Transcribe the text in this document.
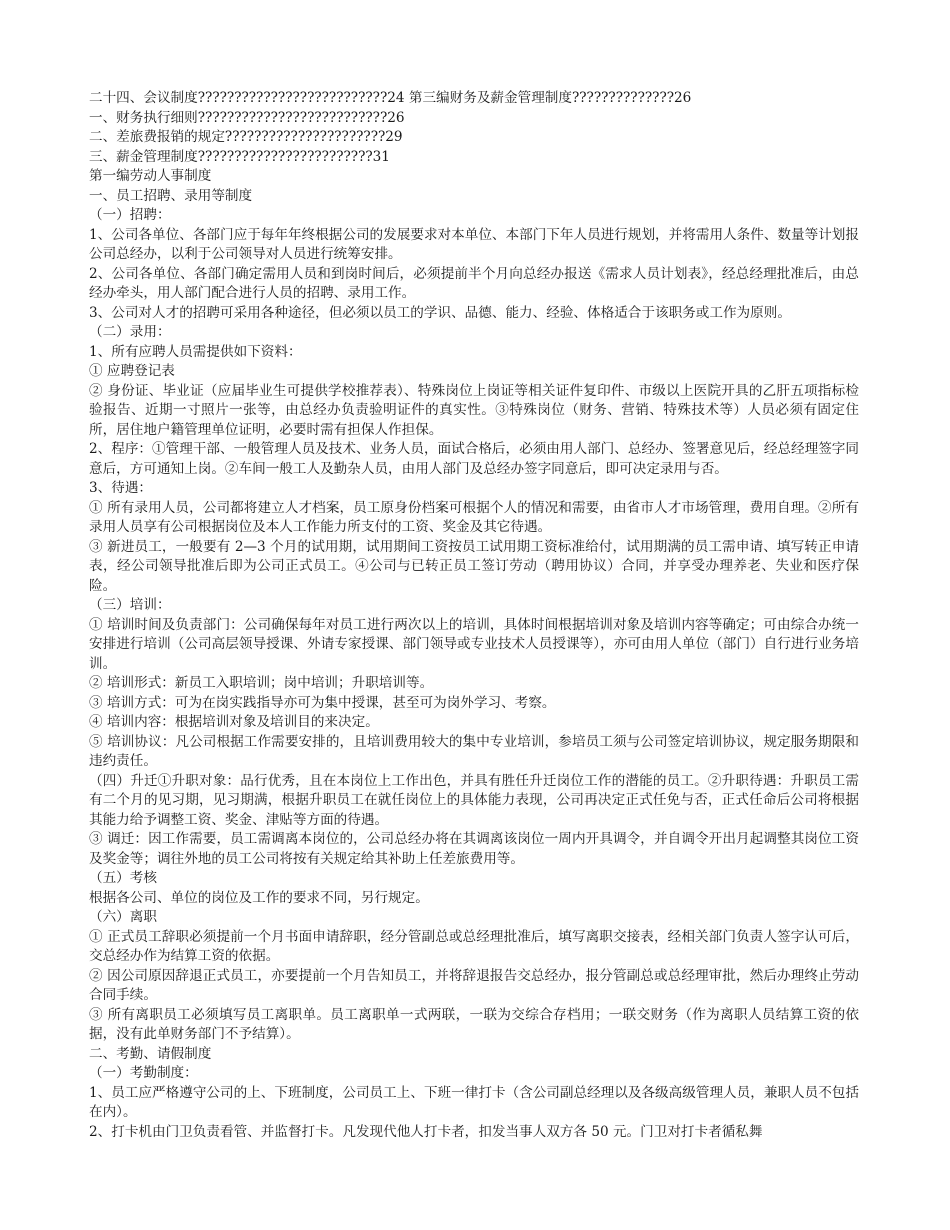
二十四、会议制度??????????????????????????24 第三编财务及薪金管理制度??????????????26

一、财务执行细则??????????????????????????26

二、差旅费报销的规定??????????????????????29

三、薪金管理制度????????????????????????31

第一编劳动人事制度

一、员工招聘、录用等制度

（一）招聘：

1、公司各单位、各部门应于每年年终根据公司的发展要求对本单位、本部门下年人员进行规划，并将需用人条件、数量等计划报公司总经办，以利于公司领导对人员进行统筹安排。

2、公司各单位、各部门确定需用人员和到岗时间后，必须提前半个月向总经办报送《需求人员计划表》，经总经理批准后，由总经办牵头，用人部门配合进行人员的招聘、录用工作。

3、公司对人才的招聘可采用各种途径，但必须以员工的学识、品德、能力、经验、体格适合于该职务或工作为原则。

（二）录用：

1、所有应聘人员需提供如下资料：

① 应聘登记表

② 身份证、毕业证（应届毕业生可提供学校推荐表）、特殊岗位上岗证等相关证件复印件、市级以上医院开具的乙肝五项指标检验报告、近期一寸照片一张等，由总经办负责验明证件的真实性。③特殊岗位（财务、营销、特殊技术等）人员必须有固定住所，居住地户籍管理单位证明，必要时需有担保人作担保。

2、程序：①管理干部、一般管理人员及技术、业务人员，面试合格后，必须由用人部门、总经办、签署意见后，经总经理签字同意后，方可通知上岗。②车间一般工人及勤杂人员，由用人部门及总经办签字同意后，即可决定录用与否。

3、待遇：

① 所有录用人员，公司都将建立人才档案，员工原身份档案可根据个人的情况和需要，由省市人才市场管理，费用自理。②所有录用人员享有公司根据岗位及本人工作能力所支付的工资、奖金及其它待遇。

③ 新进员工，一般要有 2—3 个月的试用期，试用期间工资按员工试用期工资标准给付，试用期满的员工需申请、填写转正申请表，经公司领导批准后即为公司正式员工。④公司与已转正员工签订劳动（聘用协议）合同，并享受办理养老、失业和医疗保险。

（三）培训：

① 培训时间及负责部门：公司确保每年对员工进行两次以上的培训，具体时间根据培训对象及培训内容等确定；可由综合办统一安排进行培训（公司高层领导授课、外请专家授课、部门领导或专业技术人员授课等），亦可由用人单位（部门）自行进行业务培训。

② 培训形式：新员工入职培训；岗中培训；升职培训等。

③ 培训方式：可为在岗实践指导亦可为集中授课，甚至可为岗外学习、考察。

④ 培训内容：根据培训对象及培训目的来决定。

⑤ 培训协议：凡公司根据工作需要安排的，且培训费用较大的集中专业培训，参培员工须与公司签定培训协议，规定服务期限和违约责任。

（四）升迁①升职对象：品行优秀，且在本岗位上工作出色，并具有胜任升迁岗位工作的潜能的员工。②升职待遇：升职员工需有二个月的见习期，见习期满，根据升职员工在就任岗位上的具体能力表现，公司再决定正式任免与否，正式任命后公司将根据其能力给予调整工资、奖金、津贴等方面的待遇。

③ 调迁：因工作需要，员工需调离本岗位的，公司总经办将在其调离该岗位一周内开具调令，并自调令开出月起调整其岗位工资及奖金等；调往外地的员工公司将按有关规定给其补助上任差旅费用等。

（五）考核

根据各公司、单位的岗位及工作的要求不同，另行规定。

（六）离职

① 正式员工辞职必须提前一个月书面申请辞职，经分管副总或总经理批准后，填写离职交接表，经相关部门负责人签字认可后，交总经办作为结算工资的依据。

② 因公司原因辞退正式员工，亦要提前一个月告知员工，并将辞退报告交总经办，报分管副总或总经理审批，然后办理终止劳动合同手续。

③ 所有离职员工必须填写员工离职单。员工离职单一式两联，一联为交综合存档用；一联交财务（作为离职人员结算工资的依据，没有此单财务部门不予结算）。

二、考勤、请假制度

（一）考勤制度：

1、员工应严格遵守公司的上、下班制度，公司员工上、下班一律打卡（含公司副总经理以及各级高级管理人员，兼职人员不包括在内）。

2、打卡机由门卫负责看管、并监督打卡。凡发现代他人打卡者，扣发当事人双方各 50 元。门卫对打卡者循私舞
